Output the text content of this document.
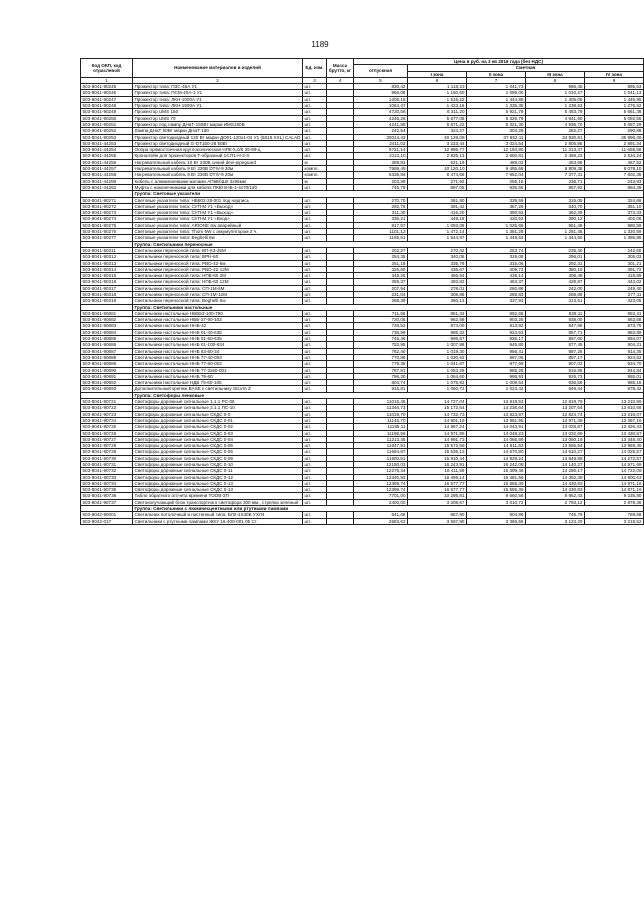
1189
Код ОКП, код отраслевой	Наименование материалов и изделий	Ед. изм.	Масса брутто, кг	Цена в руб. на 3 кв 2016 года (без НДС)				
				отпускная	Сметная			
					I зона	II зона	III зона	IV зона
1	2	3	4	5	6	7	8	9
503-8041-90245	Прожектор типа: ПЗС-45А У1	шт.		830,42	1 118,23	1 041,73	986,45	895,53
503-8041-90246	Прожектор типа: ПСМ-40А-1 У1	шт.		866,08	1 160,60	1 099,00	1 010,27	1 041,13
503-8041-90247	Прожектор типа: ЛКН-1000А У1	шт.		1208,15	1 515,22	1 444,85	1 405,05	1 445,95
503-8041-90248	Прожектор типа: ЛКН-1500А У1	шт.		1064,47	1 423,16	1 335,35	1 238,63	1 276,62
503-8041-90249	Прожектор UMS 150	шт.		4720,58	6 311,20	5 921,79	5 483,79	5 661,38
503-8041-90250	Прожектор UMS 70	шт.		4246,26	5 677,08	5 326,79	4 941,80	5 092,55
503-8041-90251	Прожектор под лампу ДНаТ-150Вт марки ИМS150B	шт.		4241,88	5 671,22	5 321,30	4 936,70	5 087,29
503-8041-90252	Лампа ДНаТ 50Вт марки ДНаТ 150	шт.		242,54	324,27	304,26	282,27	290,88
503-8041-90253	Прожектор светодиодный 120 Вт марки ДО01-120х1-04 У1 (5015 XXL) CALAD	шт.		30014,43	40 128,08	37 652,11	34 930,81	35 996,36
503-8041-44253	Прожектор светодиодный G-DT150-28 50Вт	шт.		2411,02	3 223,44	3 024,54	2 805,95	2 891,34
503-8041-44254	Опора прямостоечная круглоконическая НПК-5,0/6 25-89-ц	шт.		9721,14	12 996,77	12 194,85	11 313,47	11 658,58
503-8041-44255	Кронштейн для прожекторов Т-образный 14.П1-Н-2-Х	шт.		2113,10	2 825,13	2 650,81	2 459,23	2 534,24
503-8041-44256	Нагревательный кабель 10 Вт 230В синий devi-pipeguard	м		389,83	521,19	489,03	453,68	467,52
503-8041-44257	Нагревательный кабель 9 Вт 230В DTIV-9 30м	компл.		7569,49	10 120,10	9 495,66	8 809,38	9 078,10
503-8041-44258	Нагревательный кабель 9 Вт 230В DTIV-9 20м	компл.		6336,86	8 474,66	7 952,04	7 377,31	7 602,35
503-8041-44259	Кабель с алюминиевыми жилами АПвБбШп 4х95мм	м		203,39	271,92	255,15	236,71	243,93
503-8041-44262	Муфта с наконечниками для кабеля ПКВтпНБ-1-4х70/120	шт.		745,76	997,05	935,55	867,92	894,39
	Группа: Световые указатели							
503-8041-90271	Световые указатели типа: НБ602-25-001 под надпись	шт.		270,70	361,90	339,59	315,05	324,68
503-8041-90272	Световые указатели типа: СУП-М У1 «Выход»	шт.		292,75	391,42	367,26	340,70	351,10
503-8041-90273	Световые указатели типа: СУП-М У1 «Выход»	шт.		311,30	416,20	390,52	362,29	373,33
503-8041-90274	Световые указатели типа: СУП-М У1 «Вход»	шт.		335,21	448,18	420,53	390,12	402,06
503-8041-90275	Световые указатели типа: ARIONE 6w аварийный	шт.		817,57	1 093,08	1 025,66	951,49	980,59
503-8041-90276	Световые указатели типа: Thom 6W с аккумулятором 2 ч.	шт.		1101,12	1 472,14	1 381,28	1 281,45	1 320,59
503-8041-90277	Световые указатели типа: Beghelli 6w	шт.		1155,61	1 544,97	1 449,63	1 344,50	1 385,85
	Группа: Светильники переносные							
503-8041-90311	Светильники переносной типа: ВП-КЗ-25М	шт.		202,27	270,42	253,74	235,40	242,60
503-8041-90312	Светильники переносной типа: ВРН-60	шт.		254,35	340,06	319,08	296,01	305,03
503-8041-90313	Светильники переносной типа: РВО-42-6м	шт.		251,18	335,78	315,06	292,31	301,21
503-8041-90314	Светильники переносной типа: РВО-42-12М	шт.		326,60	436,67	409,73	380,10	391,72
503-8041-90315	Светильники переносной типа: НПБ-60 2М	шт.		349,25	466,94	438,14	406,48	418,89
503-8041-90316	Светильники переносной типа: НПБ-60 12М	шт.		369,37	493,82	463,37	429,87	443,02
503-8041-90317	Светильники переносной типа: СП-1М-6М	шт.		207,94	278,01	260,86	242,00	249,40
503-8041-90318	Светильники переносной типа: СП-1М-12М	шт.		231,04	308,88	289,83	268,88	277,11
503-8041-90319	Светильники переносной типа: Beghelli 6w	шт.		268,39	360,13	337,93	313,51	323,05
	Группа: Светильники настольные							
503-8041-90681	Светильники настольные НББ53-100-790	шт.		711,56	951,34	892,66	828,11	853,41
503-8041-90682	Светильники настольные НББ-37-60-102	шт.		720,05	962,68	903,25	838,00	863,58
503-8041-90683	Светильники настольные ННБ-42	шт.		728,52	974,00	913,92	847,86	873,75
503-8041-90684	Светильники настольные ННБ 01-40-635	шт.		736,99	985,32	924,53	857,71	883,89
503-8041-90685	Светильники настольные ННБ 01-60-635	шт.		745,46	996,67	935,17	867,60	894,07
503-8041-90686	Светильники настольные ННБ 01-100-634	шт.		753,95	1 007,98	945,80	877,45	904,21
503-8041-90687	Светильники настольные ННБ 63-60-34	шт.		762,40	1 019,30	956,41	887,28	914,35
503-8041-90688	Светильники настольные ННБ 77-40-003	шт.		770,88	1 030,62	967,05	897,17	924,52
503-8041-90689	Светильники настольные ННБ 77-60-002	шт.		779,38	1 041,97	977,69	907,02	934,70
503-8041-90690	Светильники настольные ННБ 77-3х60-001	шт.		787,81	1 053,29	988,28	916,85	944,84
503-8041-90691	Светильники настольные ННБ 79-60	шт.		796,30	1 064,60	998,93	926,73	955,01
503-8041-90692	Светильники настольные НДБ 75-60-105	шт.		804,74	1 075,92	1 009,54	936,56	965,15
503-8041-90693	Дополнительный крепеж BASE к светильнику SILVIA Z	шт.		915,81	1 060,72	1 023,42	949,44	978,42
	Группа: Светофоры ленковые							
503-8041-90721	Светофоры дорожные сигнальные 1.1.1 РС-06	шт.		11015,45	14 727,04	13 818,53	12 819,78	13 210,96
503-8041-90722	Светофоры дорожные сигнальные 2.1.1 ПС-10	шт.		11346,73	15 172,64	14 236,64	13 207,64	13 610,66
503-8041-90723	Светофоры дорожные сигнальные СКДС 0-0	шт.		11019,70	14 732,73	13 823,87	12 824,74	13 216,07
503-8041-90724	Светофоры дорожные сигнальные СКДС 0-01	шт.		11145,70	14 901,19	13 981,95	12 971,38	13 367,16
503-8041-90725	Светофоры дорожные сигнальные СКДС 0-02	шт.		11195,11	14 967,24	14 043,91	13 028,87	13 426,43
503-8041-90726	Светофоры дорожные сигнальные СКДС 0-03	шт.		11196,56	14 971,85	14 048,23	13 032,89	13 430,57
503-8041-90727	Светофоры дорожные сигнальные СКДС 0-04	шт.		11213,45	14 991,73	14 066,89	13 050,19	13 448,40
503-8041-90728	Светофоры дорожные сигнальные СКДС 0-05	шт.		11647,91	15 572,58	14 611,63	13 555,84	13 969,45
503-8041-90729	Светофоры дорожные сигнальные СКДС 0-06	шт.		11694,67	15 635,13	14 670,80	13 610,27	14 025,57
503-8041-90730	Светофоры дорожные сигнальные СКДС 0-09	шт.		11900,61	15 910,44	14 929,24	13 849,98	14 272,57
503-8041-90731	Светофоры дорожные сигнальные СКДС 0-10	шт.		12150,03	16 243,91	15 242,08	14 140,27	14 571,68
503-8041-90732	Светофоры дорожные сигнальные СКДС 0-11	шт.		12275,44	16 411,59	15 399,45	14 286,17	14 722,09
503-8041-90733	Светофоры дорожные сигнальные СКДС 0-12	шт.		12340,93	16 499,14	15 481,58	14 362,39	14 800,63
503-8041-90734	Светофоры дорожные сигнальные СКДС 0-13	шт.		12399,74	16 577,77	15 555,36	14 430,83	14 871,16
503-8041-90735	Светофоры дорожные сигнальные СКДС 0-13	шт.		12399,74	16 577,77	15 555,36	14 430,83	14 871,16
503-8041-90736	Табло обратного отсчета времени ТООВ-ЗП	шт.		7701,00	10 295,81	9 660,56	8 962,43	9 235,80
503-8041-90737	Светоизлучающий блок транспортного светофора 300 мм., стрелка зеленый	шт.		2400,00	3 208,67	3 010,72	2 793,12	2 878,35
	Группа: Светильники с люминесцентными или ртутными лампами							
503-8042-90001	Светильник потолочный и настенный типа: БЛ2-1Х40Б УХЛ4	шт.		641,68	857,90	804,99	746,79	769,58
503-8042-017	Светильники с ртутными лампами ЖКУ 16-400-001 05 Ст.	шт.		2683,62	3 587,90	3 366,55	3 123,20	3 218,52
